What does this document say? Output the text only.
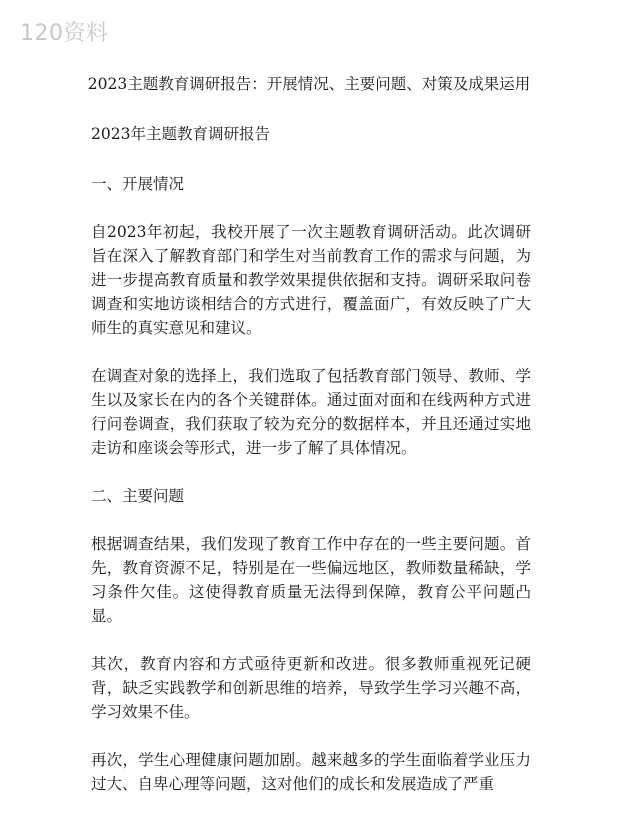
120资料
2023主题教育调研报告：开展情况、主要问题、对策及成果运用

2023年主题教育调研报告

一、开展情况

自2023年初起，我校开展了一次主题教育调研活动。此次调研旨在深入了解教育部门和学生对当前教育工作的需求与问题，为进一步提高教育质量和教学效果提供依据和支持。调研采取问卷调查和实地访谈相结合的方式进行，覆盖面广，有效反映了广大师生的真实意见和建议。

在调查对象的选择上，我们选取了包括教育部门领导、教师、学生以及家长在内的各个关键群体。通过面对面和在线两种方式进行问卷调查，我们获取了较为充分的数据样本，并且还通过实地走访和座谈会等形式，进一步了解了具体情况。

二、主要问题

根据调查结果，我们发现了教育工作中存在的一些主要问题。首先，教育资源不足，特别是在一些偏远地区，教师数量稀缺，学习条件欠佳。这使得教育质量无法得到保障，教育公平问题凸显。

其次，教育内容和方式亟待更新和改进。很多教师重视死记硬背，缺乏实践教学和创新思维的培养，导致学生学习兴趣不高，学习效果不佳。

再次，学生心理健康问题加剧。越来越多的学生面临着学业压力过大、自卑心理等问题，这对他们的成长和发展造成了严重
